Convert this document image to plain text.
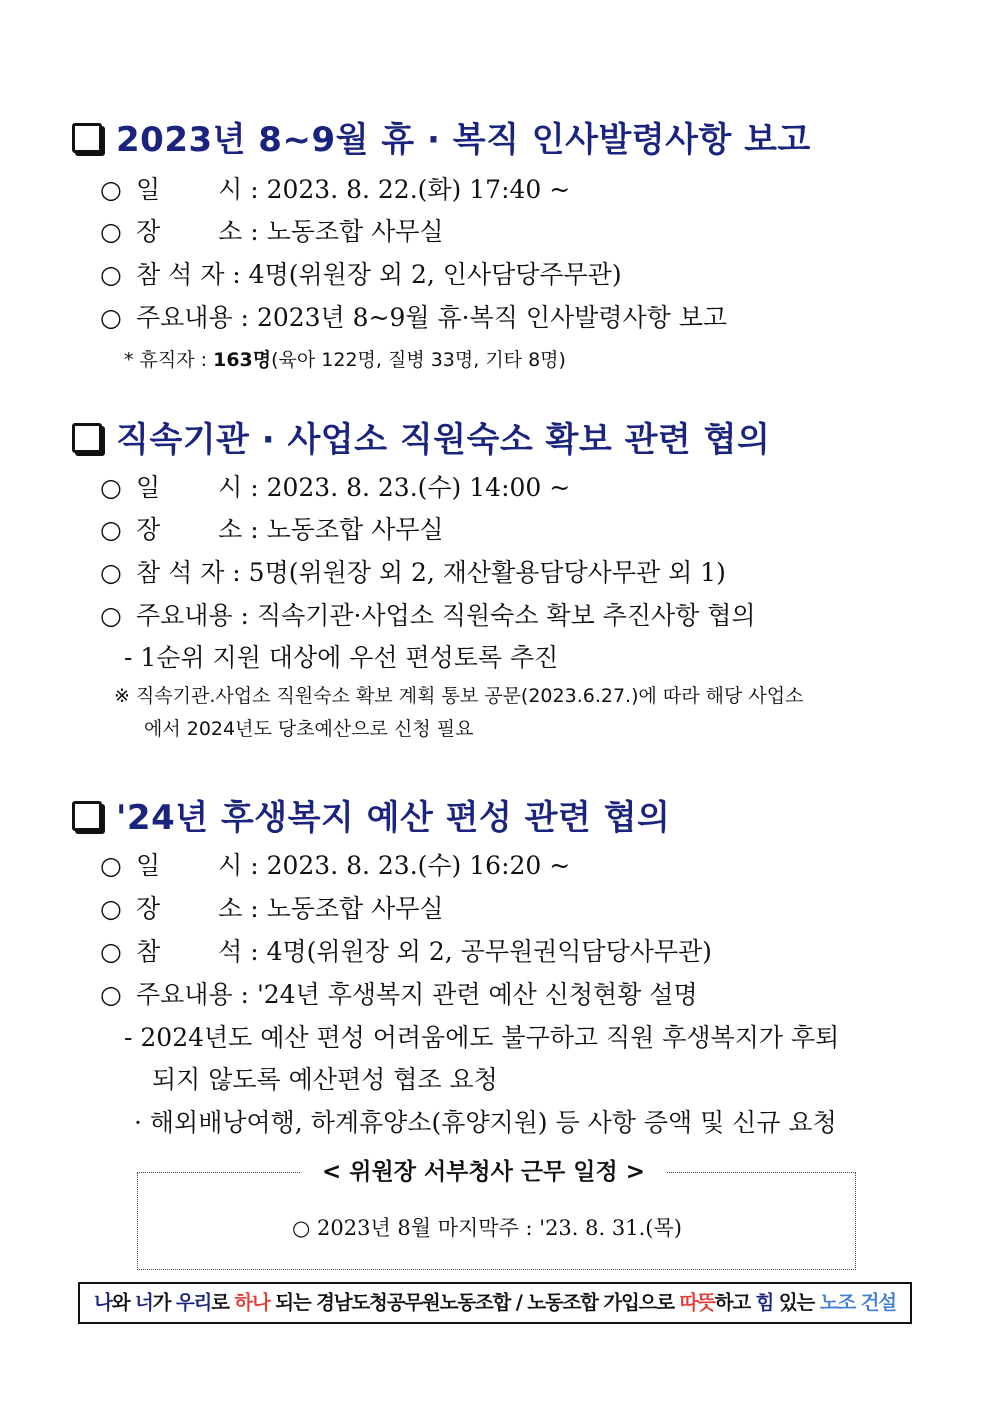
2023년 8~9월 휴 · 복직 인사발령사항 보고
○ 일　 　시 : 2023. 8. 22.(화) 17:40 ~
○ 장　 　소 : 노동조합 사무실
○ 참 석 자 : 4명(위원장 외 2, 인사담당주무관)
○ 주요내용 : 2023년 8~9월 휴·복직 인사발령사항 보고
* 휴직자 : 163명(육아 122명, 질병 33명, 기타 8명)
직속기관 · 사업소 직원숙소 확보 관련 협의
○ 일　 　시 : 2023. 8. 23.(수) 14:00 ~
○ 장　 　소 : 노동조합 사무실
○ 참 석 자 : 5명(위원장 외 2, 재산활용담당사무관 외 1)
○ 주요내용 : 직속기관·사업소 직원숙소 확보 추진사항 협의
- 1순위 지원 대상에 우선 편성토록 추진
※ 직속기관.사업소 직원숙소 확보 계획 통보 공문(2023.6.27.)에 따라 해당 사업소
에서 2024년도 당초예산으로 신청 필요
'24년 후생복지 예산 편성 관련 협의
○ 일　 　시 : 2023. 8. 23.(수) 16:20 ~
○ 장　 　소 : 노동조합 사무실
○ 참　 　석 : 4명(위원장 외 2, 공무원권익담당사무관)
○ 주요내용 : '24년 후생복지 관련 예산 신청현황 설명
- 2024년도 예산 편성 어려움에도 불구하고 직원 후생복지가 후퇴
되지 않도록 예산편성 협조 요청
· 해외배낭여행, 하계휴양소(휴양지원) 등 사항 증액 및 신규 요청
< 위원장 서부청사 근무 일정 >
○ 2023년 8월 마지막주 : '23. 8. 31.(목)
나와 너가 우리로 하나 되는 경남도청공무원노동조합 / 노동조합 가입으로 따뜻하고 힘 있는 노조 건설
